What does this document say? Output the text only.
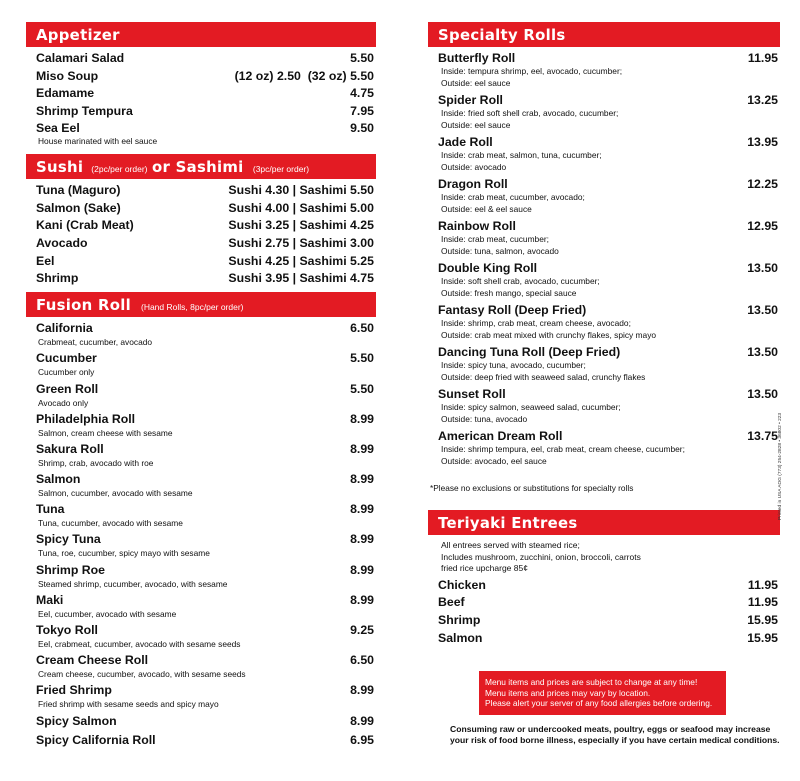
Appetizer
Calamari Salad	5.50
Miso Soup	(12 oz) 2.50  (32 oz) 5.50
Edamame	4.75
Shrimp Tempura	7.95
Sea Eel	9.50
House marinated with eel sauce
Sushi (2pc/per order) or Sashimi (3pc/per order)
Tuna (Maguro)	Sushi 4.30 | Sashimi 5.50
Salmon (Sake)	Sushi 4.00 | Sashimi 5.00
Kani (Crab Meat)	Sushi 3.25 | Sashimi 4.25
Avocado	Sushi 2.75 | Sashimi 3.00
Eel	Sushi 4.25 | Sashimi 5.25
Shrimp	Sushi 3.95 | Sashimi 4.75
Fusion Roll (Hand Rolls, 8pc/per order)
California	6.50
Crabmeat, cucumber, avocado
Cucumber	5.50
Cucumber only
Green Roll	5.50
Avocado only
Philadelphia Roll	8.99
Salmon, cream cheese with sesame
Sakura Roll	8.99
Shrimp, crab, avocado with roe
Salmon	8.99
Salmon, cucumber, avocado with sesame
Tuna	8.99
Tuna, cucumber, avocado with sesame
Spicy Tuna	8.99
Tuna, roe, cucumber, spicy mayo with sesame
Shrimp Roe	8.99
Steamed shrimp, cucumber, avocado, with sesame
Maki	8.99
Eel, cucumber, avocado with sesame
Tokyo Roll	9.25
Eel, crabmeat, cucumber, avocado with sesame seeds
Cream Cheese Roll	6.50
Cream cheese, cucumber, avocado, with sesame seeds
Fried Shrimp	8.99
Fried shrimp with sesame seeds and spicy mayo
Spicy Salmon	8.99
Spicy California Roll	6.95
Specialty Rolls
Butterfly Roll	11.95
Inside: tempura shrimp, eel, avocado, cucumber;
Outside: eel sauce
Spider Roll	13.25
Inside: fried soft shell crab, avocado, cucumber;
Outside: eel sauce
Jade Roll	13.95
Inside: crab meat, salmon, tuna, cucumber;
Outside: avocado
Dragon Roll	12.25
Inside: crab meat, cucumber, avocado;
Outside: eel & eel sauce
Rainbow Roll	12.95
Inside: crab meat, cucumber;
Outside: tuna, salmon, avocado
Double King Roll	13.50
Inside: soft shell crab, avocado, cucumber;
Outside: fresh mango, special sauce
Fantasy Roll (Deep Fried)	13.50
Inside: shrimp, crab meat, cream cheese, avocado;
Outside: crab meat mixed with crunchy flakes, spicy mayo
Dancing Tuna Roll (Deep Fried)	13.50
Inside: spicy tuna, avocado, cucumber;
Outside: deep fried with seaweed salad, crunchy flakes
Sunset Roll	13.50
Inside: spicy salmon, seaweed salad, cucumber;
Outside: tuna, avocado
American Dream Roll	13.75
Inside: shrimp tempura, eel, crab meat, cream cheese, cucumber;
Outside: avocado, eel sauce
*Please no exclusions or substitutions for specialty rolls
Teriyaki Entrees
All entrees served with steamed rice;
Includes mushroom, zucchini, onion, broccoli, carrots
fried rice upcharge 85¢
Chicken	11.95
Beef	11.95
Shrimp	15.95
Salmon	15.95
Menu items and prices are subject to change at any time!
Menu items and prices may vary by location.
Please alert your server of any food allergies before ordering.
Consuming raw or undercooked meats, poultry, eggs or seafood may increase
your risk of food borne illness, especially if you have certain medical conditions.
Printed in USA AOG (773) 254-2828 • 36802 • 223
